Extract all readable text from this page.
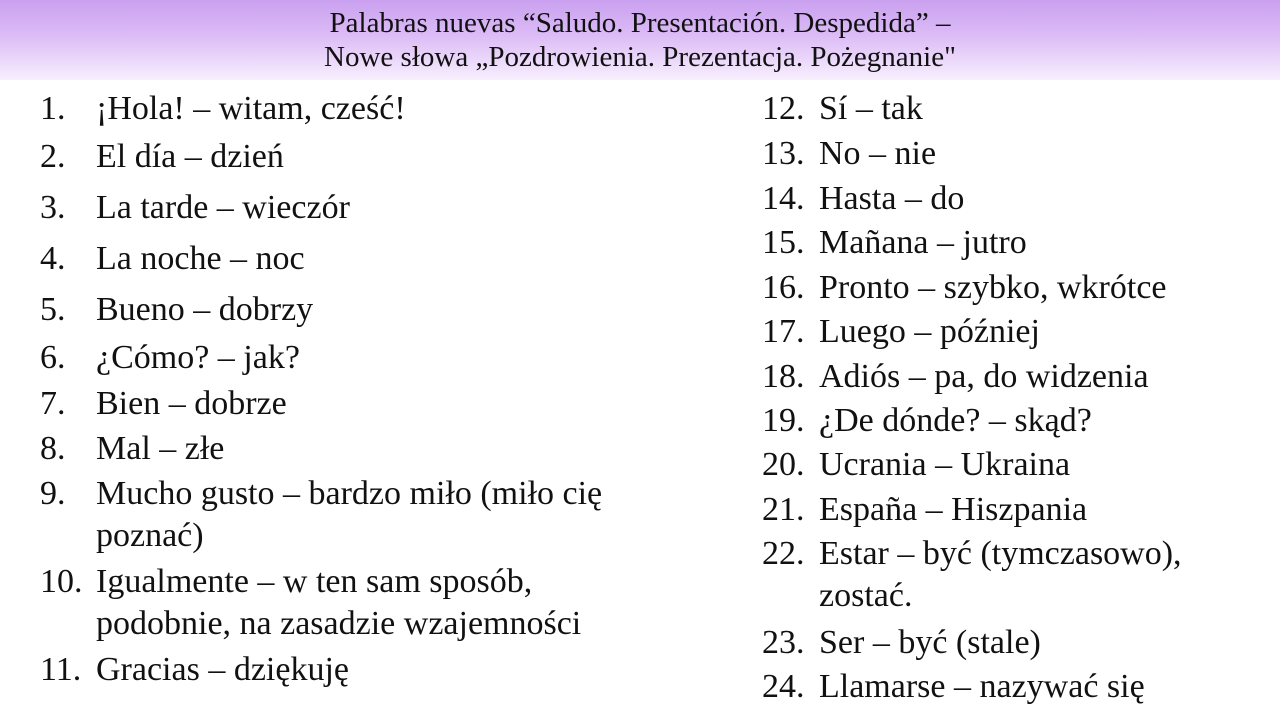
Palabras nuevas “Saludo. Presentación. Despedida” –
Nowe słowa „Pozdrowienia. Prezentacja. Pożegnanie"
1. ¡Hola! – witam, cześć!
2. El día – dzień
3. La tarde – wieczór
4. La noche – noc
5. Bueno – dobrzy
6. ¿Cómo? – jak?
7. Bien – dobrze
8. Mal – złe
9. Mucho gusto – bardzo miło (miło cię
poznać)
10. Igualmente – w ten sam sposób,
podobnie, na zasadzie wzajemności
11. Gracias – dziękuję
12. Sí – tak
13. No – nie
14. Hasta – do
15. Mañana – jutro
16. Pronto – szybko, wkrótce
17. Luego – później
18. Adiós – pa, do widzenia
19. ¿De dónde? – skąd?
20. Ucrania – Ukraina
21. España – Hiszpania
22. Estar – być (tymczasowo),
zostać.
23. Ser – być (stale)
24. Llamarse – nazywać się
